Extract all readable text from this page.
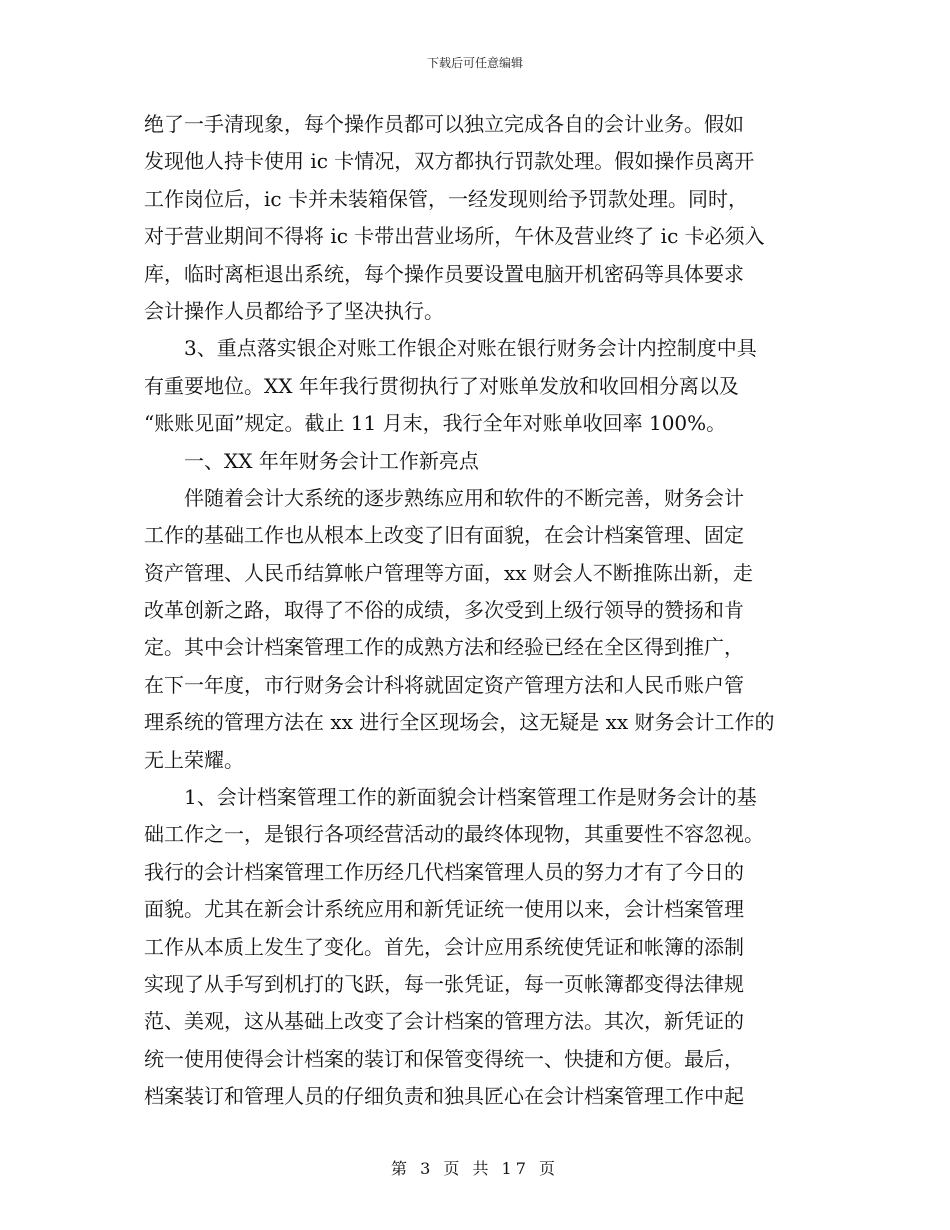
下载后可任意编辑
绝了一手清现象，每个操作员都可以独立完成各自的会计业务。假如
发现他人持卡使用 ic 卡情况，双方都执行罚款处理。假如操作员离开
工作岗位后，ic 卡并未装箱保管，一经发现则给予罚款处理。同时，
对于营业期间不得将 ic 卡带出营业场所，午休及营业终了 ic 卡必须入
库，临时离柜退出系统，每个操作员要设置电脑开机密码等具体要求
会计操作人员都给予了坚决执行。
　　3、重点落实银企对账工作银企对账在银行财务会计内控制度中具
有重要地位。XX 年年我行贯彻执行了对账单发放和收回相分离以及
“账账见面”规定。截止 11 月末，我行全年对账单收回率 100%。
　　一、XX 年年财务会计工作新亮点
　　伴随着会计大系统的逐步熟练应用和软件的不断完善，财务会计
工作的基础工作也从根本上改变了旧有面貌，在会计档案管理、固定
资产管理、人民币结算帐户管理等方面，xx 财会人不断推陈出新，走
改革创新之路，取得了不俗的成绩，多次受到上级行领导的赞扬和肯
定。其中会计档案管理工作的成熟方法和经验已经在全区得到推广，
在下一年度，市行财务会计科将就固定资产管理方法和人民币账户管
理系统的管理方法在 xx 进行全区现场会，这无疑是 xx 财务会计工作的
无上荣耀。
　　1、会计档案管理工作的新面貌会计档案管理工作是财务会计的基
础工作之一，是银行各项经营活动的最终体现物，其重要性不容忽视。
我行的会计档案管理工作历经几代档案管理人员的努力才有了今日的
面貌。尤其在新会计系统应用和新凭证统一使用以来，会计档案管理
工作从本质上发生了变化。首先，会计应用系统使凭证和帐簿的添制
实现了从手写到机打的飞跃，每一张凭证，每一页帐簿都变得法律规
范、美观，这从基础上改变了会计档案的管理方法。其次，新凭证的
统一使用使得会计档案的装订和保管变得统一、快捷和方便。最后，
档案装订和管理人员的仔细负责和独具匠心在会计档案管理工作中起
第 3 页 共 17 页
